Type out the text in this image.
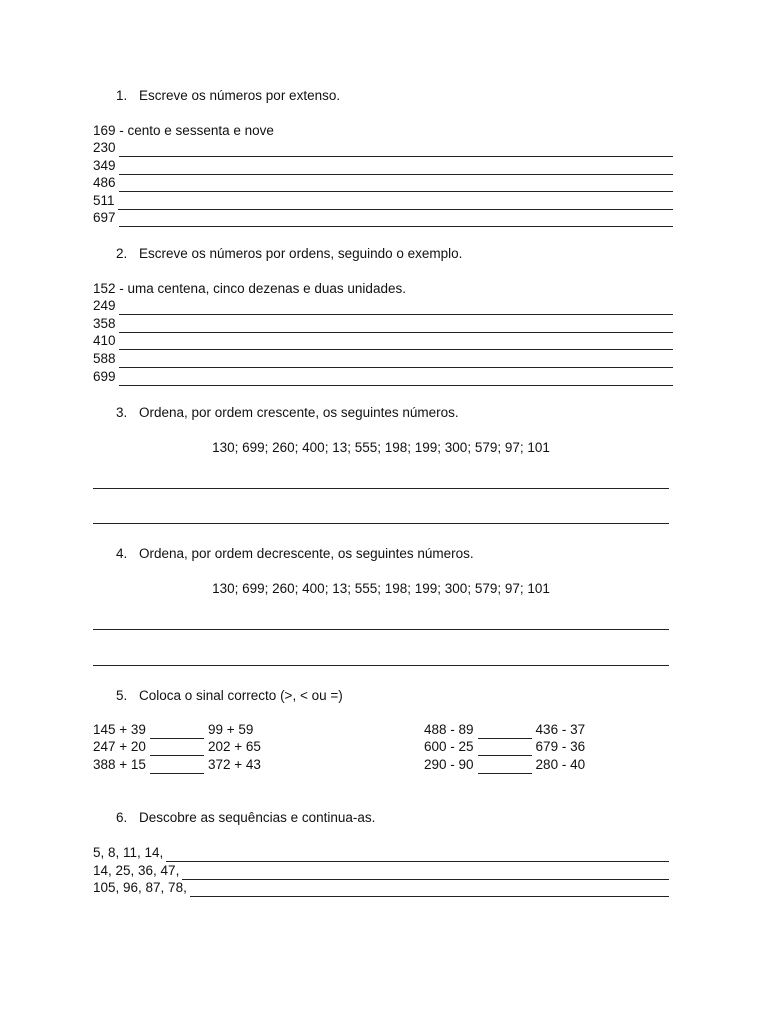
1. Escreve os números por extenso.
169 - cento e sessenta e nove
230
349
486
511
697
2. Escreve os números por ordens, seguindo o exemplo.
152 - uma centena, cinco dezenas e duas unidades.
249
358
410
588
699
3. Ordena, por ordem crescente, os seguintes números.
130; 699; 260; 400; 13; 555; 198; 199; 300; 579; 97; 101
4. Ordena, por ordem decrescente, os seguintes números.
130; 699; 260; 400; 13; 555; 198; 199; 300; 579; 97; 101
5. Coloca o sinal correcto (>, < ou =)
145 + 39	99 + 59
247 + 20	202 + 65
388 + 15	372 + 43
488 - 89	436 - 37
600 - 25	679 - 36
290 - 90	280 - 40
6. Descobre as sequências e continua-as.
5, 8, 11, 14,
14, 25, 36, 47,
105, 96, 87, 78,
